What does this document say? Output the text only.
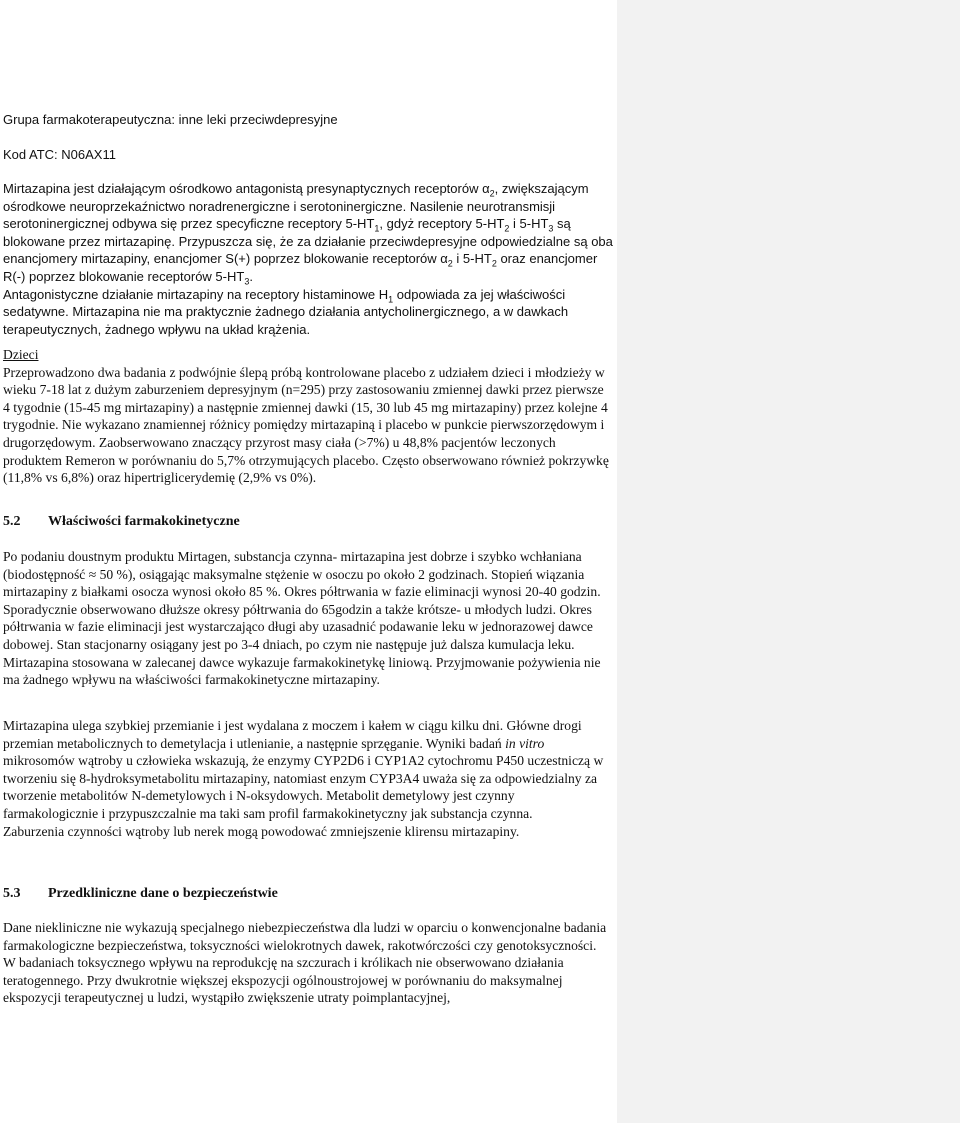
Grupa farmakoterapeutyczna: inne leki przeciwdepresyjne

Kod ATC: N06AX11

Mirtazapina jest działającym ośrodkowo antagonistą presynaptycznych receptorów $\alpha_2$, zwiększającym ośrodkowe neuroprzekaźnictwo noradrenergiczne i serotoninergiczne. Nasilenie neurotransmisji serotoninergicznej odbywa się przez specyficzne receptory $5-HT_1$, gdyż receptory $5-HT_2$ i $5-HT_3$ są blokowane przez mirtazapinę. Przypuszcza się, że za działanie przeciwdepresyjne odpowiedzialne są oba enancjomery mirtazapiny, enancjomer S(+) poprzez blokowanie receptorów $\alpha_2$ i $5-HT_2$ oraz enancjomer R(-) poprzez blokowanie receptorów $5-HT_3$.
Antagonistyczne działanie mirtazapiny na receptory histaminowe $H_1$ odpowiada za jej właściwości sedatywne. Mirtazapina nie ma praktycznie żadnego działania antycholinergicznego, a w dawkach terapeutycznych, żadnego wpływu na układ krążenia.

Dzieci
Przeprowadzono dwa badania z podwójnie ślepą próbą kontrolowane placebo z udziałem dzieci i młodzieży w wieku 7-18 lat z dużym zaburzeniem depresyjnym (n=295) przy zastosowaniu zmiennej dawki przez pierwsze 4 tygodnie (15-45 mg mirtazapiny) a następnie zmiennej dawki (15, 30 lub 45 mg mirtazapiny) przez kolejne 4 trygodnie. Nie wykazano znamiennej różnicy pomiędzy mirtazapiną i placebo w punkcie pierwszorzędowym i drugorzędowym. Zaobserwowano znaczący przyrost masy ciała (>7%) u 48,8% pacjentów leczonych produktem Remeron w porównaniu do 5,7% otrzymujących placebo. Często obserwowano również pokrzywkę (11,8% vs 6,8%) oraz hipertriglicerydemię (2,9% vs 0%).

5.2 Właściwości farmakokinetyczne

Po podaniu doustnym produktu Mirtagen, substancja czynna- mirtazapina jest dobrze i szybko wchłaniana (biodostępność ≈ 50 %), osiągając maksymalne stężenie w osoczu po około 2 godzinach. Stopień wiązania mirtazapiny z białkami osocza wynosi około 85 %. Okres półtrwania w fazie eliminacji wynosi 20-40 godzin. Sporadycznie obserwowano dłuższe okresy półtrwania do 65godzin a także krótsze- u młodych ludzi. Okres półtrwania w fazie eliminacji jest wystarczająco długi aby uzasadnić podawanie leku w jednorazowej dawce dobowej. Stan stacjonarny osiągany jest po 3-4 dniach, po czym nie następuje już dalsza kumulacja leku. Mirtazapina stosowana w zalecanej dawce wykazuje farmakokinetykę liniową. Przyjmowanie pożywienia nie ma żadnego wpływu na właściwości farmakokinetyczne mirtazapiny.

Mirtazapina ulega szybkiej przemianie i jest wydalana z moczem i kałem w ciągu kilku dni. Główne drogi przemian metabolicznych to demetylacja i utlenianie, a następnie sprzęganie. Wyniki badań in vitro mikrosomów wątroby u człowieka wskazują, że enzymy CYP2D6 i CYP1A2 cytochromu P450 uczestniczą w tworzeniu się 8-hydroksymetabolitu mirtazapiny, natomiast enzym CYP3A4 uważa się za odpowiedzialny za tworzenie metabolitów N-demetylowych i N-oksydowych. Metabolit demetylowy jest czynny farmakologicznie i przypuszczalnie ma taki sam profil farmakokinetyczny jak substancja czynna.
Zaburzenia czynności wątroby lub nerek mogą powodować zmniejszenie klirensu mirtazapiny.

5.3 Przedkliniczne dane o bezpieczeństwie

Dane niekliniczne nie wykazują specjalnego niebezpieczeństwa dla ludzi w oparciu o konwencjonalne badania farmakologiczne bezpieczeństwa, toksyczności wielokrotnych dawek, rakotwórczości czy genotoksyczności.
W badaniach toksycznego wpływu na reprodukcję na szczurach i królikach nie obserwowano działania teratogennego. Przy dwukrotnie większej ekspozycji ogólnoustrojowej w porównaniu do maksymalnej ekspozycji terapeutycznej u ludzi, wystąpiło zwiększenie utraty poimplantacyjnej,
